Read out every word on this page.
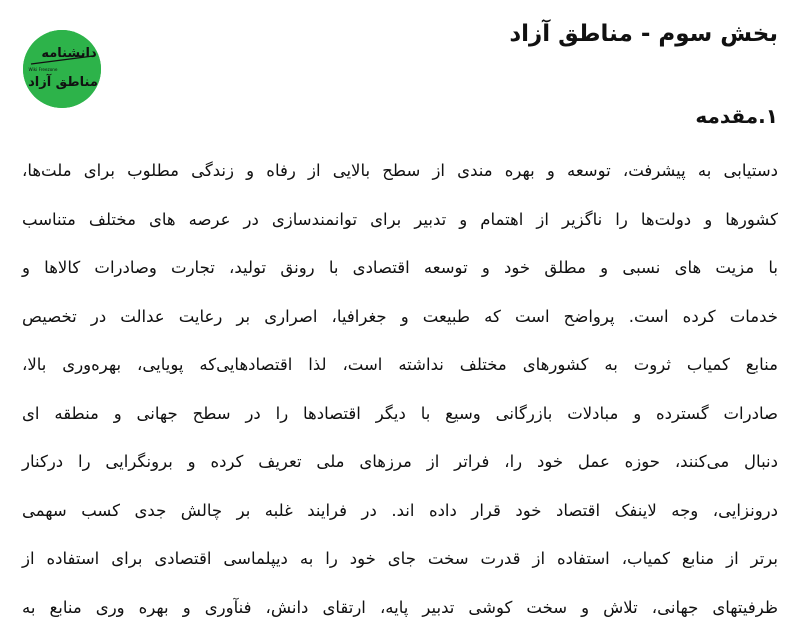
دانشنامه
Wiki Freezone
مناطق آزاد
بخش سوم - مناطق آزاد
۱.مقدمه
دستیابی به پیشرفت، توسعه و بهره مندی از سطح بالایی از رفاه و زندگی مطلوب برای ملت‌ها،
کشورها و دولت‌ها را ناگزیر از اهتمام و تدبیر برای توانمندسازی در عرصه های مختلف متناسب
با مزیت های نسبی و مطلق خود و توسعه اقتصادی با رونق تولید، تجارت وصادرات کالاها و
خدمات کرده است. پرواضح است که طبیعت و جغرافیا، اصراری بر رعایت عدالت در تخصیص
منابع کمیاب ثروت به کشورهای مختلف نداشته است، لذا اقتصادهایی‌که پویایی، بهره‌وری بالا،
صادرات گسترده و مبادلات بازرگانی وسیع با دیگر اقتصادها را در سطح جهانی و منطقه ای
دنبال می‌کنند، حوزه عمل خود را، فراتر از مرزهای ملی تعریف کرده و برونگرایی را درکنار
درونزایی، وجه لاینفک اقتصاد خود قرار داده اند. در فرایند غلبه بر چالش جدی کسب سهمی
برتر از منابع کمیاب، استفاده از قدرت سخت جای خود را به دیپلماسی اقتصادی برای استفاده از
ظرفیتهای جهانی، تلاش و سخت کوشی تدبیر پایه، ارتقای دانش، فنآوری و بهره وری منابع به
